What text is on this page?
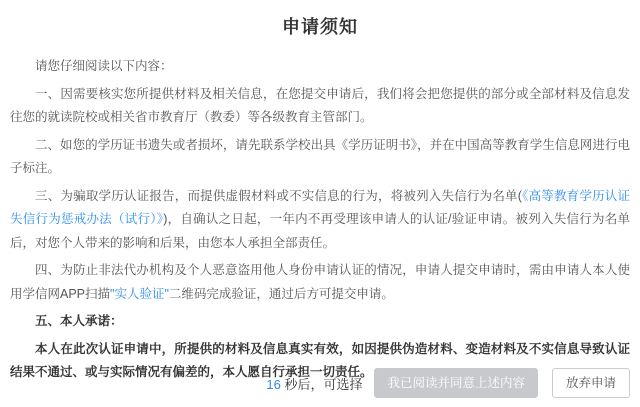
申请须知

请您仔细阅读以下内容：

一、因需要核实您所提供材料及相关信息，在您提交申请后，我们将会把您提供的部分或全部材料及信息发往您的就读院校或相关省市教育厅（教委）等各级教育主管部门。

二、如您的学历证书遗失或者损坏，请先联系学校出具《学历证明书》，并在中国高等教育学生信息网进行电子标注。

三、为骗取学历认证报告，而提供虚假材料或不实信息的行为，将被列入失信行为名单(《高等教育学历认证失信行为惩戒办法（试行）》)，自确认之日起，一年内不再受理该申请人的认证/验证申请。被列入失信行为名单后，对您个人带来的影响和后果，由您本人承担全部责任。

四、为防止非法代办机构及个人恶意盗用他人身份申请认证的情况，申请人提交申请时，需由申请人本人使用学信网APP扫描"实人验证"二维码完成验证，通过后方可提交申请。

五、本人承诺：

本人在此次认证申请中，所提供的材料及信息真实有效，如因提供伪造材料、变造材料及不实信息导致认证结果不通过、或与实际情况有偏差的，本人愿自行承担一切责任。

16 秒后，可选择	我已阅读并同意上述内容	放弃申请
